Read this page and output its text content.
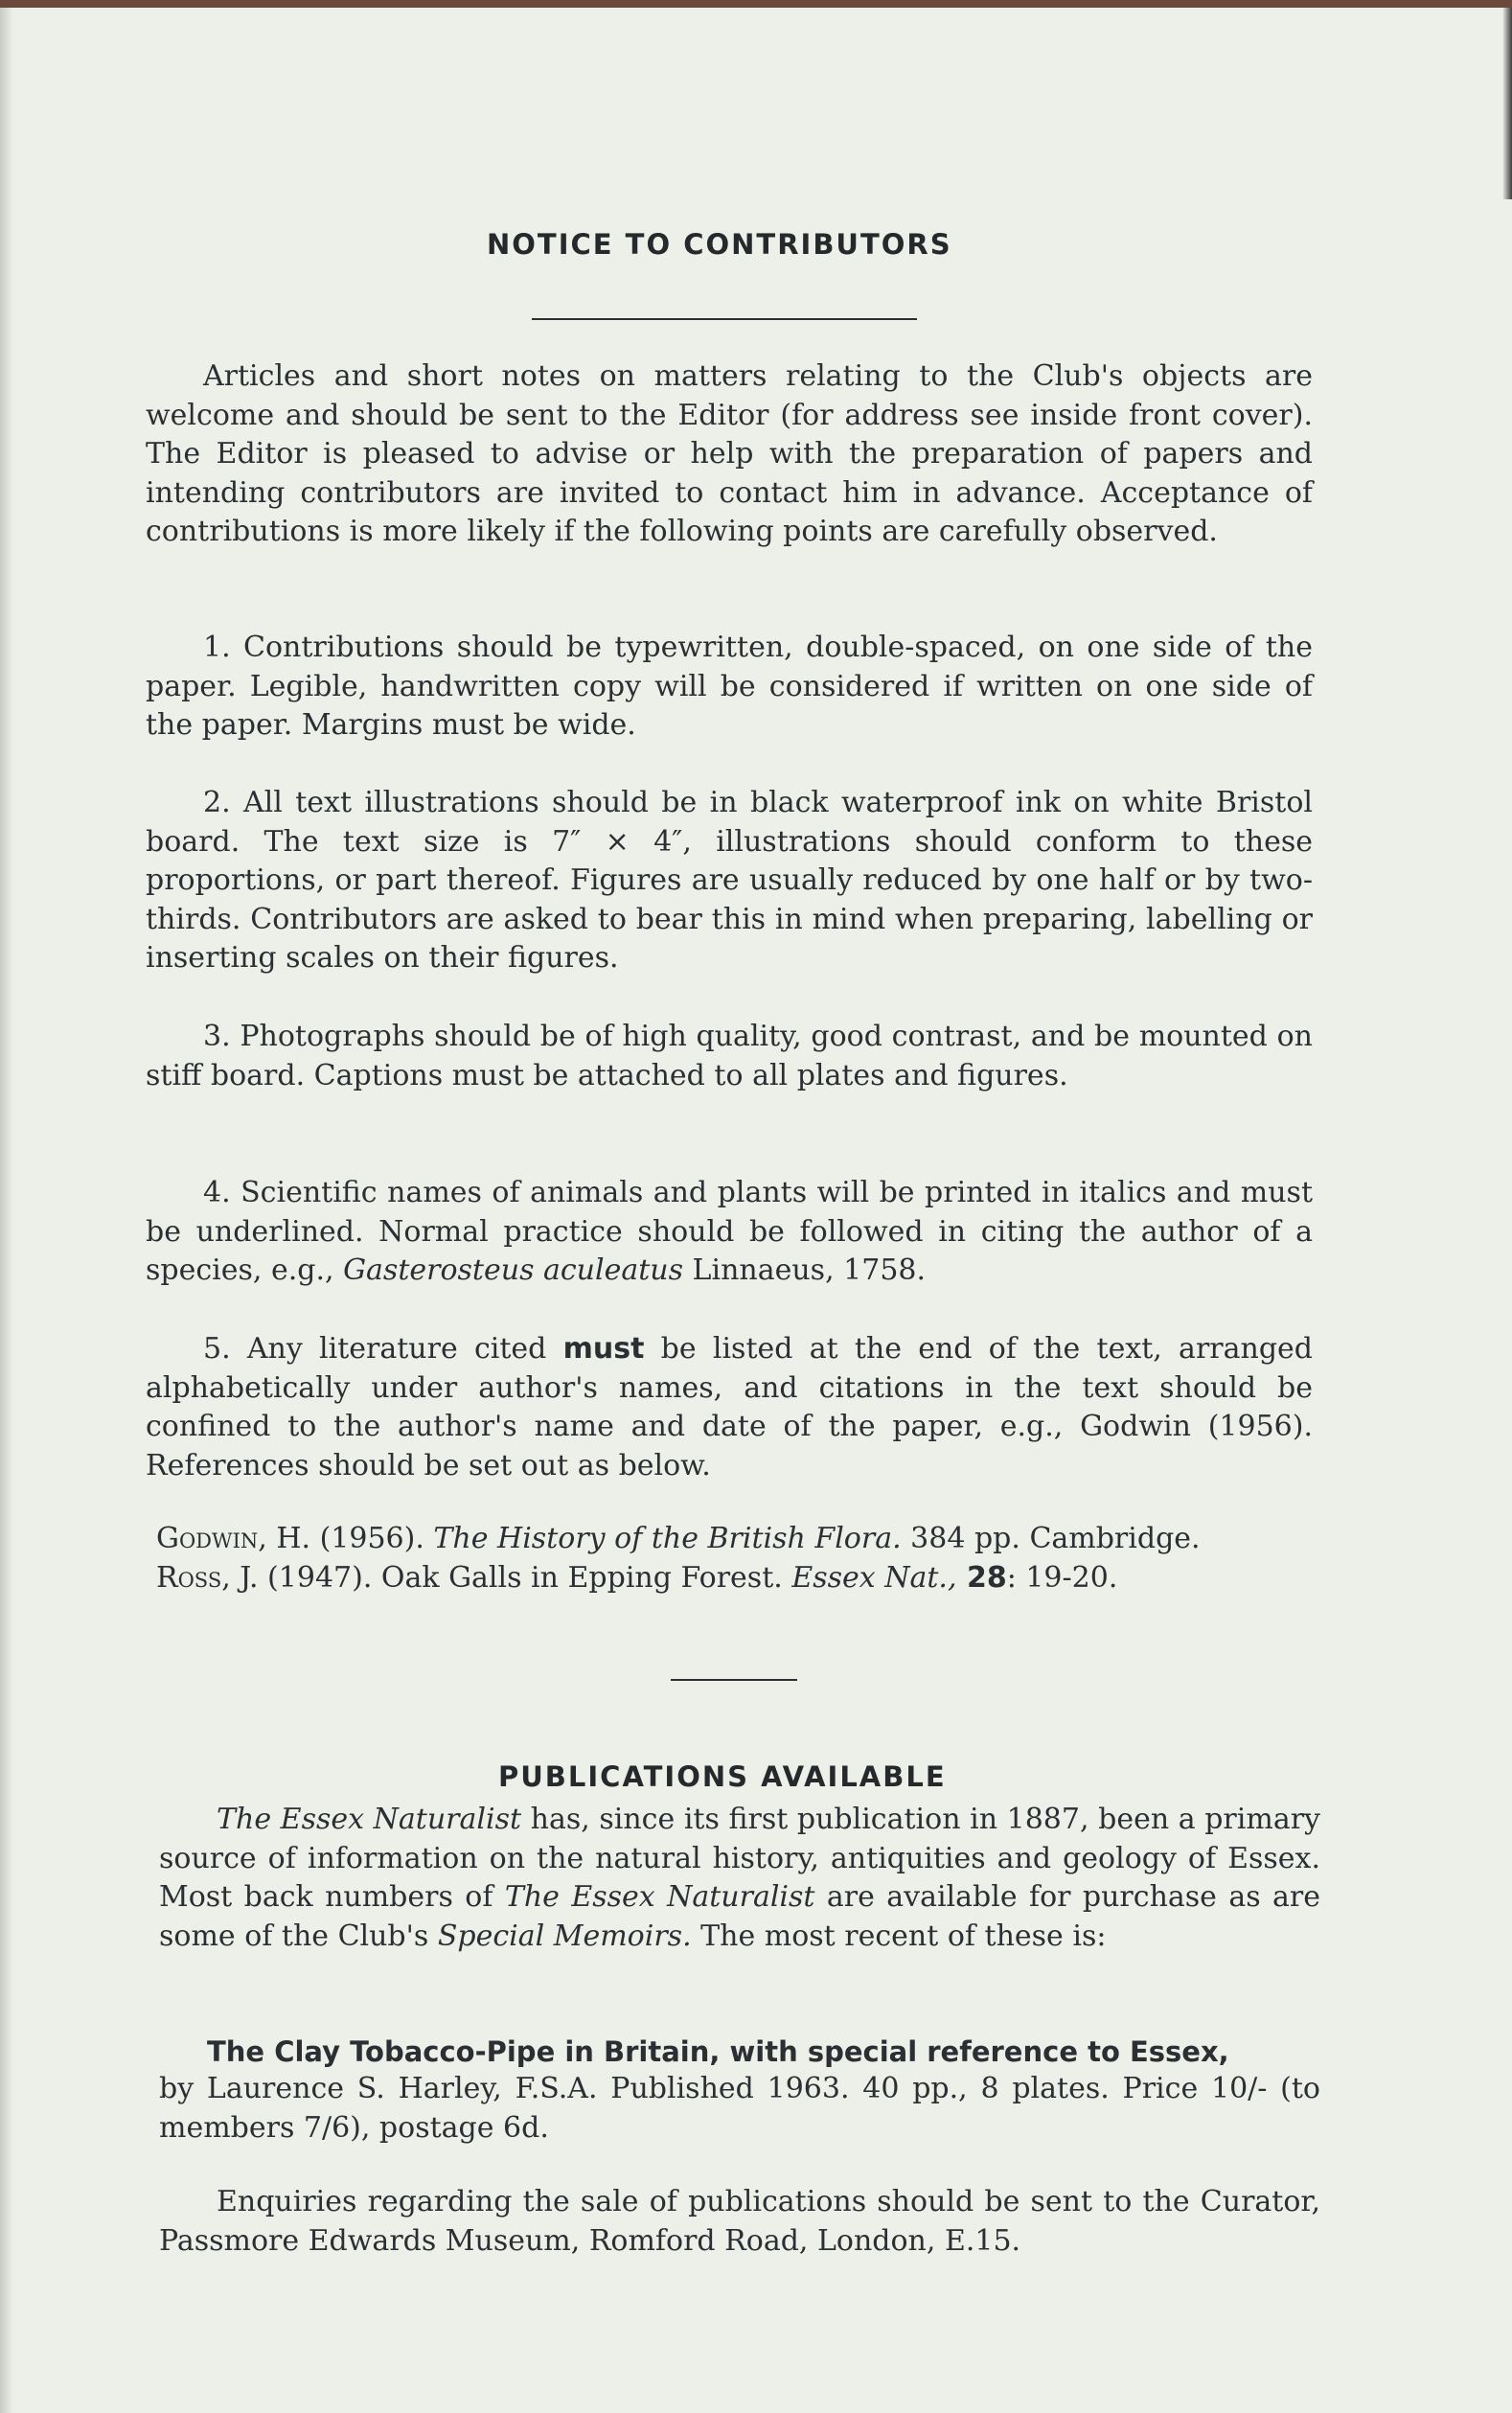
NOTICE TO CONTRIBUTORS

Articles and short notes on matters relating to the Club's objects are welcome and should be sent to the Editor (for address see inside front cover). The Editor is pleased to advise or help with the preparation of papers and intending contributors are invited to contact him in advance. Acceptance of contributions is more likely if the following points are carefully observed.

1. Contributions should be typewritten, double-spaced, on one side of the paper. Legible, handwritten copy will be considered if written on one side of the paper. Margins must be wide.

2. All text illustrations should be in black waterproof ink on white Bristol board. The text size is 7″ × 4″, illustrations should conform to these proportions, or part thereof. Figures are usually reduced by one half or by two-thirds. Contributors are asked to bear this in mind when preparing, labelling or inserting scales on their figures.

3. Photographs should be of high quality, good contrast, and be mounted on stiff board. Captions must be attached to all plates and figures.

4. Scientific names of animals and plants will be printed in italics and must be underlined. Normal practice should be followed in citing the author of a species, e.g., Gasterosteus aculeatus Linnaeus, 1758.

5. Any literature cited must be listed at the end of the text, arranged alphabetically under author's names, and citations in the text should be confined to the author's name and date of the paper, e.g., Godwin (1956). References should be set out as below.

Godwin, H. (1956). The History of the British Flora. 384 pp. Cambridge.
Ross, J. (1947). Oak Galls in Epping Forest. Essex Nat., 28: 19-20.
PUBLICATIONS AVAILABLE

The Essex Naturalist has, since its first publication in 1887, been a primary source of information on the natural history, antiquities and geology of Essex. Most back numbers of The Essex Naturalist are available for purchase as are some of the Club's Special Memoirs. The most recent of these is:

The Clay Tobacco-Pipe in Britain, with special reference to Essex,

by Laurence S. Harley, F.S.A. Published 1963. 40 pp., 8 plates. Price 10/- (to members 7/6), postage 6d.

Enquiries regarding the sale of publications should be sent to the Curator, Passmore Edwards Museum, Romford Road, London, E.15.
